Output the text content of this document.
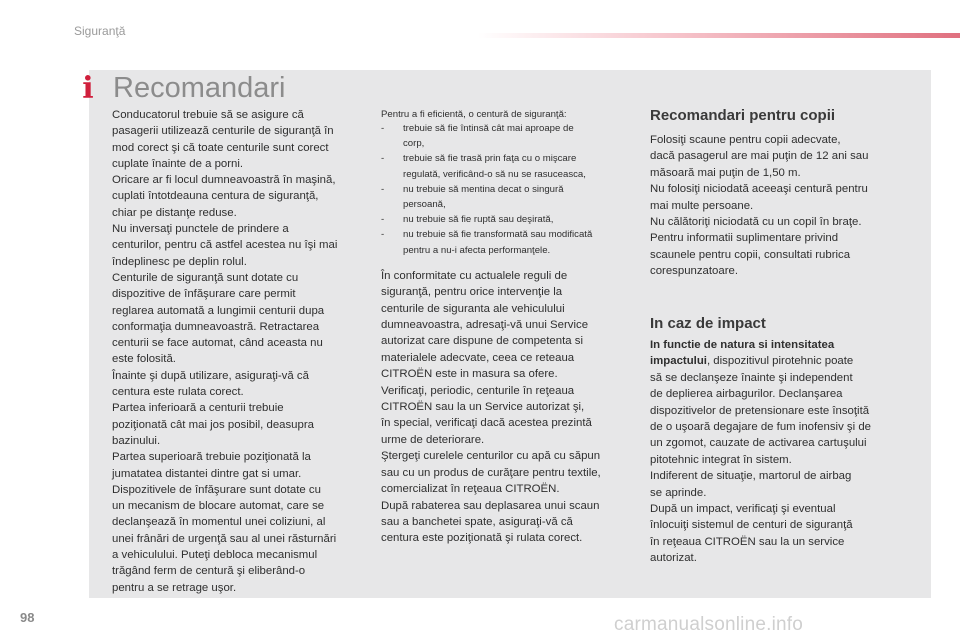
Siguranţă
i Recomandari

Conducatorul trebuie să se asigure că

pasagerii utilizează centurile de siguranţă în

mod corect şi că toate centurile sunt corect

cuplate înainte de a porni.

Oricare ar fi locul dumneavoastră în maşină,

cuplati întotdeauna centura de siguranţă,

chiar pe distanţe reduse.

Nu inversaţi punctele de prindere a

centurilor, pentru că astfel acestea nu îşi mai

îndeplinesc pe deplin rolul.

Centurile de siguranţă sunt dotate cu

dispozitive de înfăşurare care permit

reglarea automată a lungimii centurii dupa

conformaţia dumneavoastră. Retractarea

centurii se face automat, când aceasta nu

este folosită.

Înainte şi după utilizare, asiguraţi-vă că

centura este rulata corect.

Partea inferioară a centurii trebuie

poziţionată cât mai jos posibil, deasupra

bazinului.

Partea superioară trebuie poziţionată la

jumatatea distantei dintre gat si umar.

Dispozitivele de înfăşurare sunt dotate cu

un mecanism de blocare automat, care se

declanşează în momentul unei coliziuni, al

unei frânări de urgenţă sau al unei răsturnări

a vehiculului. Puteţi debloca mecanismul

trăgând ferm de centură şi eliberând-o

pentru a se retrage uşor.

Pentru a fi eficientă, o centură de siguranţă:

- trebuie să fie întinsă cât mai aproape de
corp,
- trebuie să fie trasă prin faţa cu o mişcare
regulată, verificând-o să nu se rasuceasca,
- nu trebuie să mentina decat o singură
persoană,
- nu trebuie să fie ruptă sau deşirată,
- nu trebuie să fie transformată sau modificată
pentru a nu-i afecta performanţele.

În conformitate cu actualele reguli de

siguranţă, pentru orice intervenţie la

centurile de siguranta ale vehiculului

dumneavoastra, adresaţi-vă unui Service

autorizat care dispune de competenta si

materialele adecvate, ceea ce reteaua

CITROËN este in masura sa ofere.

Verificaţi, periodic, centurile în reţeaua

CITROËN sau la un Service autorizat şi,

în special, verificaţi dacă acestea prezintă

urme de deteriorare.

Ştergeţi curelele centurilor cu apă cu săpun

sau cu un produs de curăţare pentru textile,

comercializat în reţeaua CITROËN.

După rabaterea sau deplasarea unui scaun

sau a banchetei spate, asiguraţi-vă că

centura este poziţionată şi rulata corect.

Recomandari pentru copii

Folosiţi scaune pentru copii adecvate,

dacă pasagerul are mai puţin de 12 ani sau

măsoară mai puţin de 1,50 m.

Nu folosiţi niciodată aceeaşi centură pentru

mai multe persoane.

Nu călătoriţi niciodată cu un copil în braţe.

Pentru informatii suplimentare privind

scaunele pentru copii, consultati rubrica

corespunzatoare.

In caz de impact

In functie de natura si intensitatea

impactului, dispozitivul pirotehnic poate

să se declanşeze înainte şi independent

de deplierea airbagurilor. Declanşarea

dispozitivelor de pretensionare este însoţită

de o uşoară degajare de fum inofensiv şi de

un zgomot, cauzate de activarea cartuşului

pitotehnic integrat în sistem.

Indiferent de situaţie, martorul de airbag

se aprinde.

După un impact, verificaţi şi eventual

înlocuiţi sistemul de centuri de siguranţă

în reţeaua CITROËN sau la un service

autorizat.

98	carmanualsonline.info
